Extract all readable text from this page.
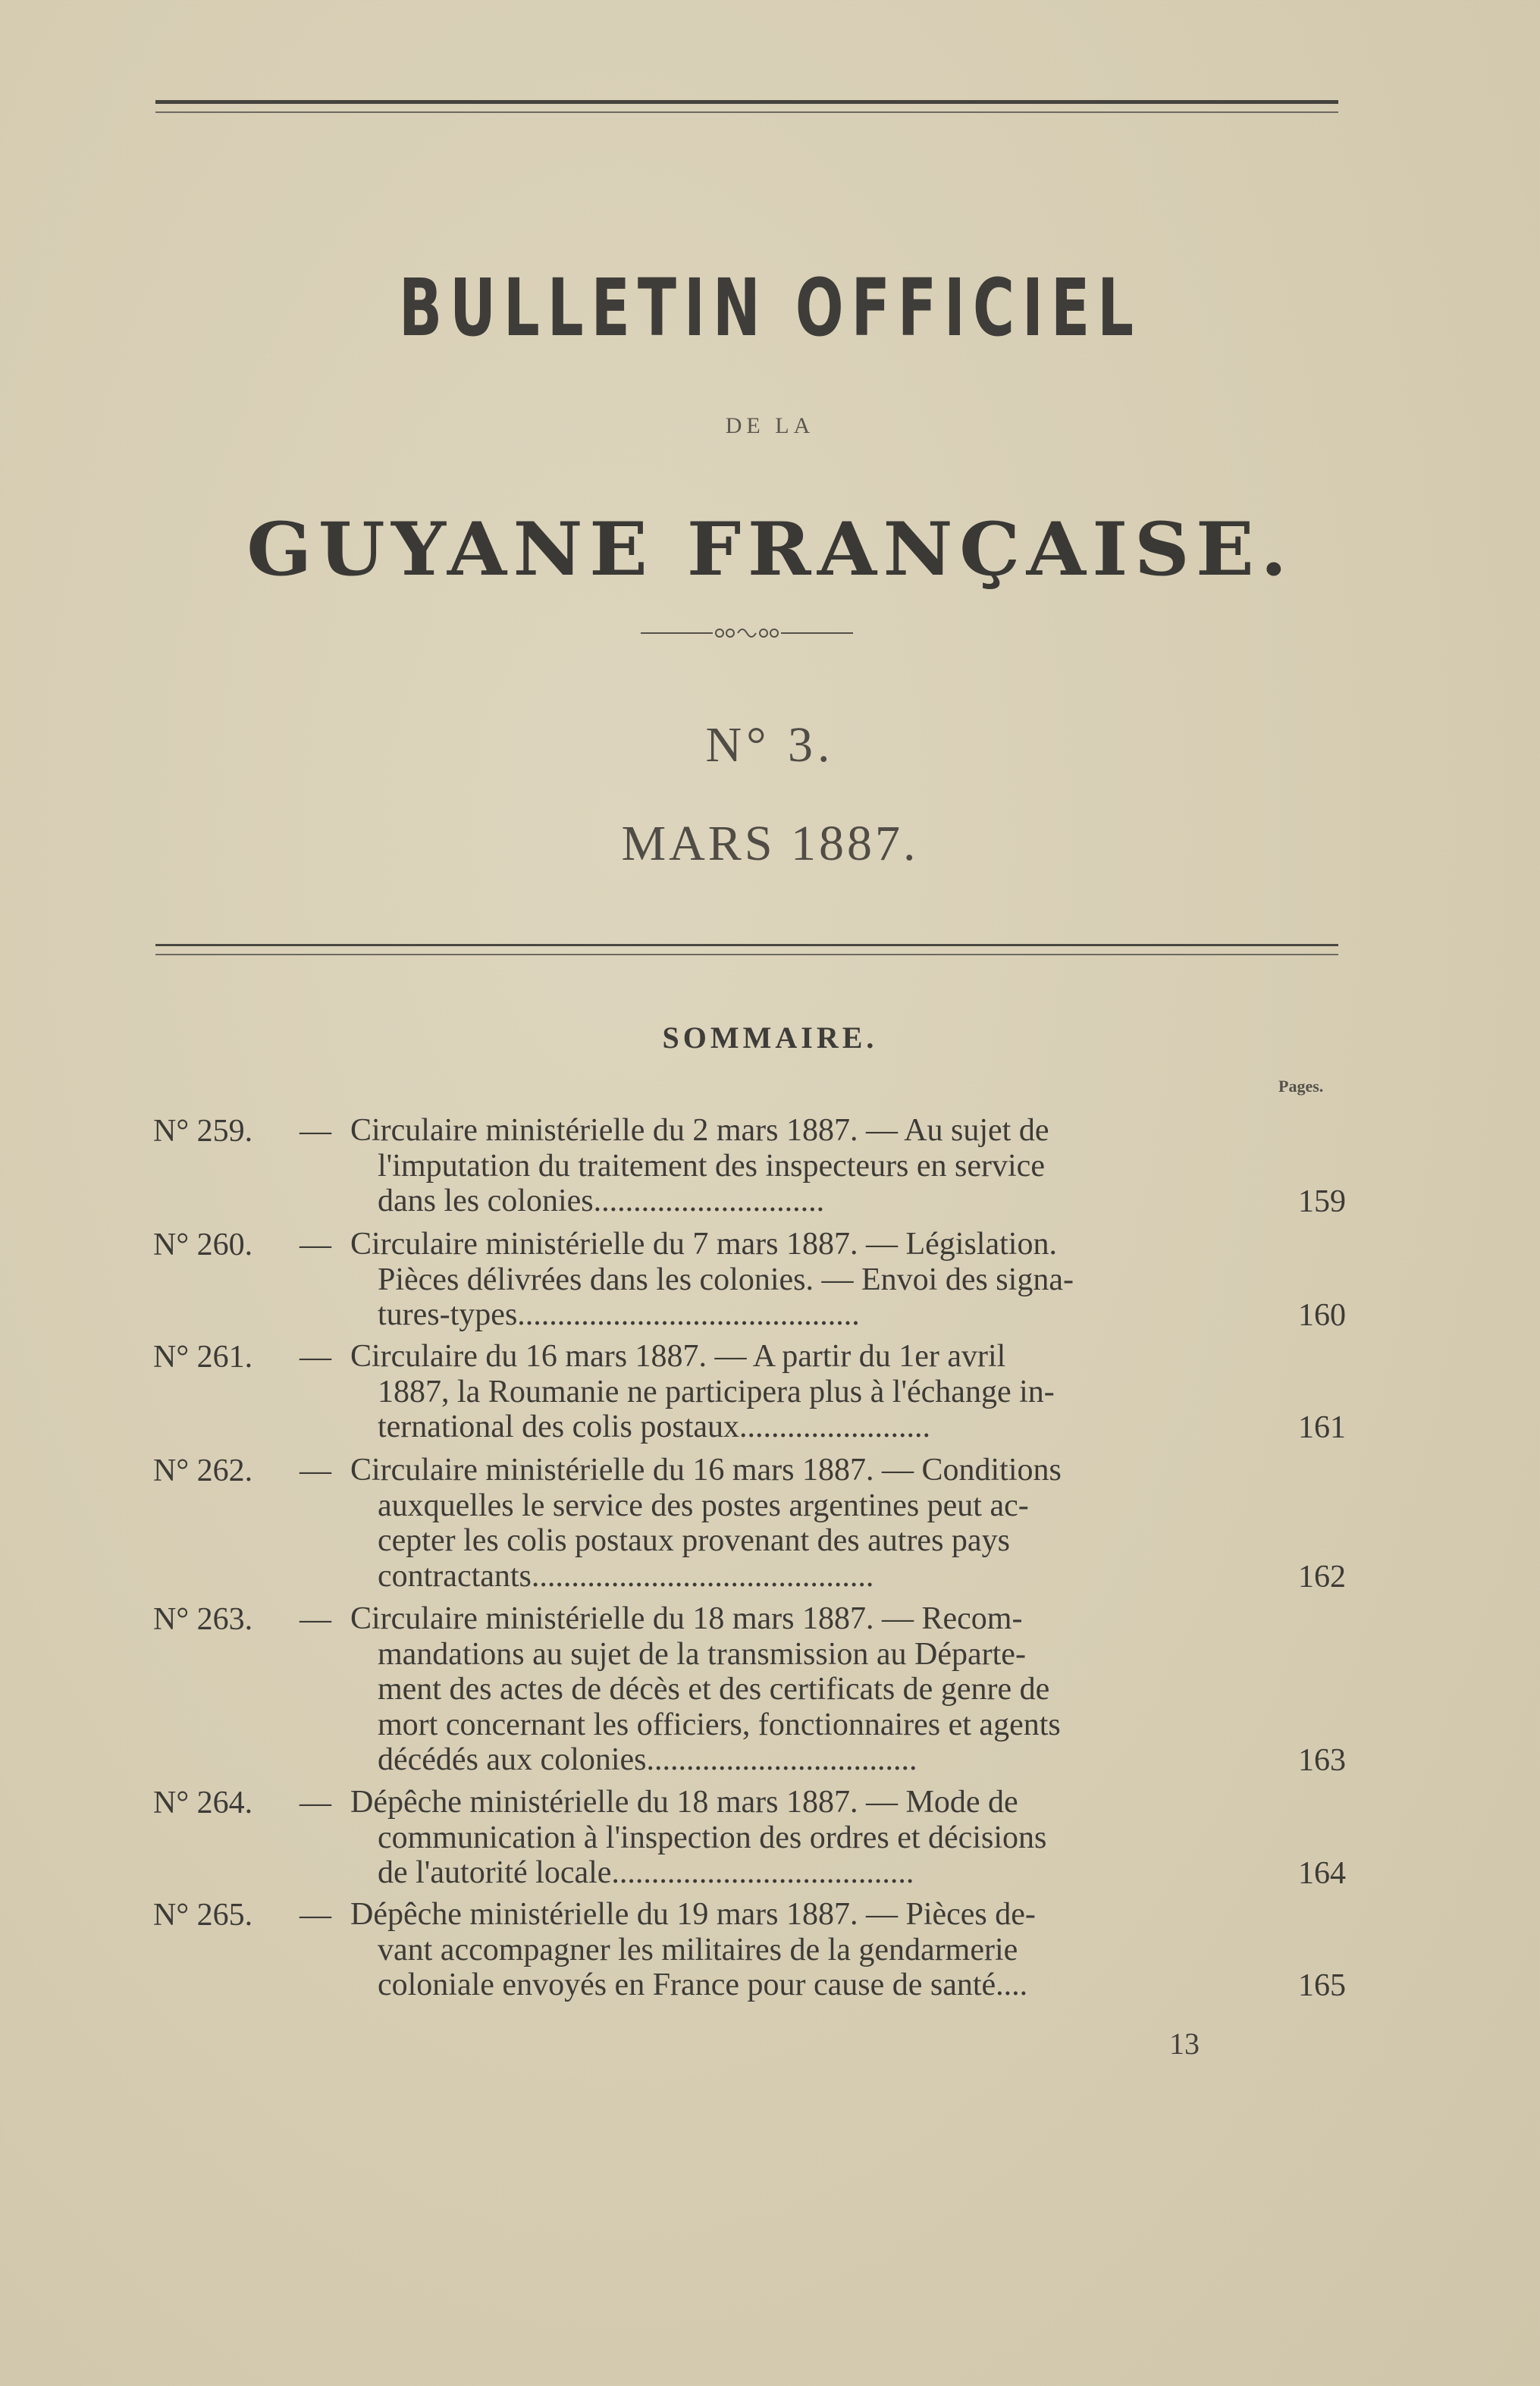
BULLETIN OFFICIEL
DE LA
GUYANE FRANÇAISE.
N° 3.
MARS 1887.
SOMMAIRE.
Pages.
N° 259. — Circulaire ministérielle du 2 mars 1887. — Au sujet de
l'imputation du traitement des inspecteurs en service
dans les colonies.............................	159
N° 260. — Circulaire ministérielle du 7 mars 1887. — Législation.
Pièces délivrées dans les colonies. — Envoi des signa-
tures-types...........................................	160
N° 261. — Circulaire du 16 mars 1887. — A partir du 1er avril
1887, la Roumanie ne participera plus à l'échange in-
ternational des colis postaux........................	161
N° 262. — Circulaire ministérielle du 16 mars 1887. — Conditions
auxquelles le service des postes argentines peut ac-
cepter les colis postaux provenant des autres pays
contractants...........................................	162
N° 263. — Circulaire ministérielle du 18 mars 1887. — Recom-
mandations au sujet de la transmission au Départe-
ment des actes de décès et des certificats de genre de
mort concernant les officiers, fonctionnaires et agents
décédés aux colonies..................................	163
N° 264. — Dépêche ministérielle du 18 mars 1887. — Mode de
communication à l'inspection des ordres et décisions
de l'autorité locale......................................	164
N° 265. — Dépêche ministérielle du 19 mars 1887. — Pièces de-
vant accompagner les militaires de la gendarmerie
coloniale envoyés en France pour cause de santé....	165
13
